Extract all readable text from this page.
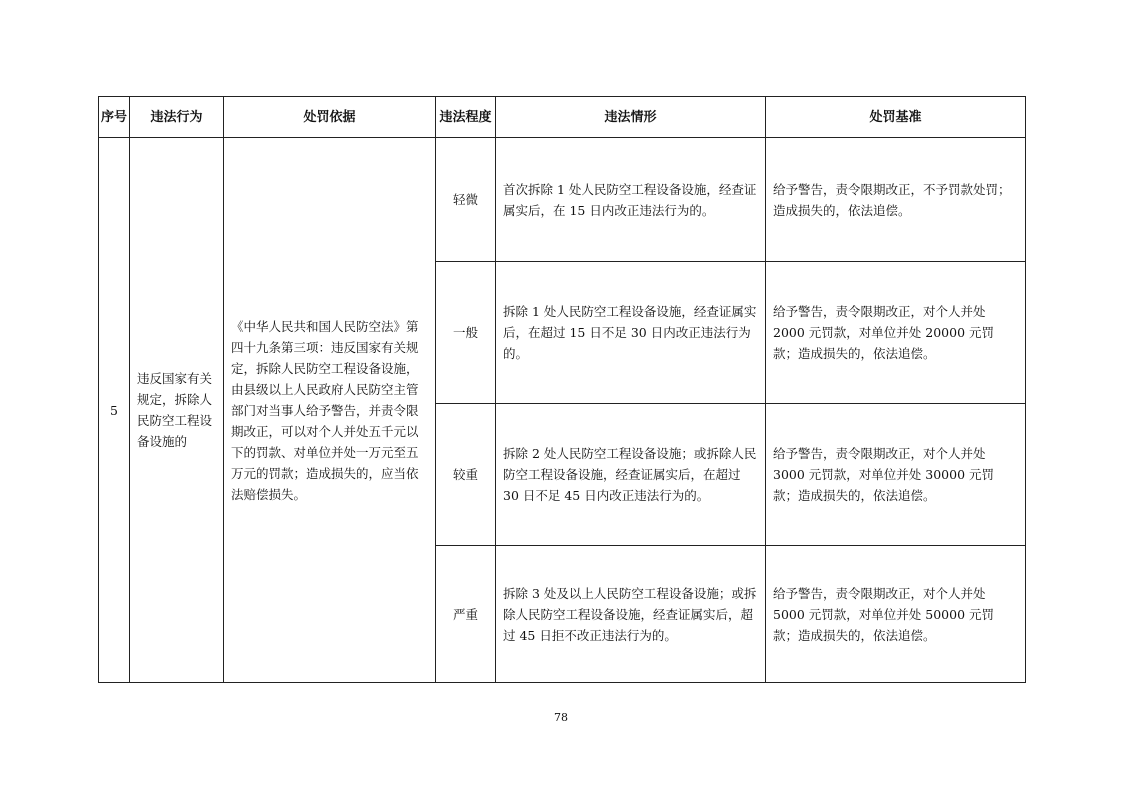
序号	违法行为	处罚依据	违法程度	违法情形	处罚基准
5	违反国家有关规定，拆除人民防空工程设备设施的	《中华人民共和国人民防空法》第四十九条第三项：违反国家有关规定，拆除人民防空工程设备设施，由县级以上人民政府人民防空主管部门对当事人给予警告，并责令限期改正，可以对个人并处五千元以下的罚款、对单位并处一万元至五万元的罚款；造成损失的，应当依法赔偿损失。	轻微	首次拆除 1 处人民防空工程设备设施，经查证属实后，在 15 日内改正违法行为的。	给予警告，责令限期改正，不予罚款处罚；造成损失的，依法追偿。
			一般	拆除 1 处人民防空工程设备设施，经查证属实后，在超过 15 日不足 30 日内改正违法行为的。	给予警告，责令限期改正，对个人并处 2000 元罚款，对单位并处 20000 元罚款；造成损失的，依法追偿。
			较重	拆除 2 处人民防空工程设备设施；或拆除人民防空工程设备设施，经查证属实后，在超过 30 日不足 45 日内改正违法行为的。	给予警告，责令限期改正，对个人并处 3000 元罚款，对单位并处 30000 元罚款；造成损失的，依法追偿。
			严重	拆除 3 处及以上人民防空工程设备设施；或拆除人民防空工程设备设施，经查证属实后，超过 45 日拒不改正违法行为的。	给予警告，责令限期改正，对个人并处 5000 元罚款，对单位并处 50000 元罚款；造成损失的，依法追偿。
78
